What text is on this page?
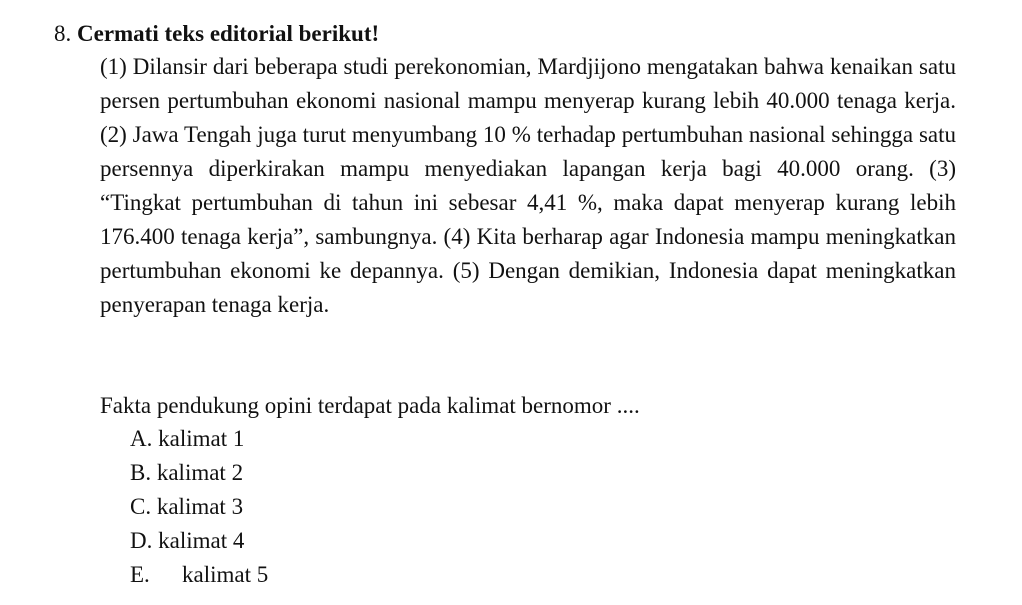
8. Cermati teks editorial berikut!
(1) Dilansir dari beberapa studi perekonomian, Mardjijono mengatakan bahwa kenaikan satu persen pertumbuhan ekonomi nasional mampu menyerap kurang lebih 40.000 tenaga kerja. (2) Jawa Tengah juga turut menyumbang 10 % terhadap pertumbuhan nasional sehingga satu persennya diperkirakan mampu menyediakan lapangan kerja bagi 40.000 orang. (3) “Tingkat pertumbuhan di tahun ini sebesar 4,41 %, maka dapat menyerap kurang lebih 176.400 tenaga kerja”, sambungnya. (4) Kita berharap agar Indonesia mampu meningkatkan pertumbuhan ekonomi ke depannya. (5) Dengan demikian, Indonesia dapat meningkatkan penyerapan tenaga kerja.
Fakta pendukung opini terdapat pada kalimat bernomor ....
A. kalimat 1
B. kalimat 2
C. kalimat 3
D. kalimat 4
E. kalimat 5
